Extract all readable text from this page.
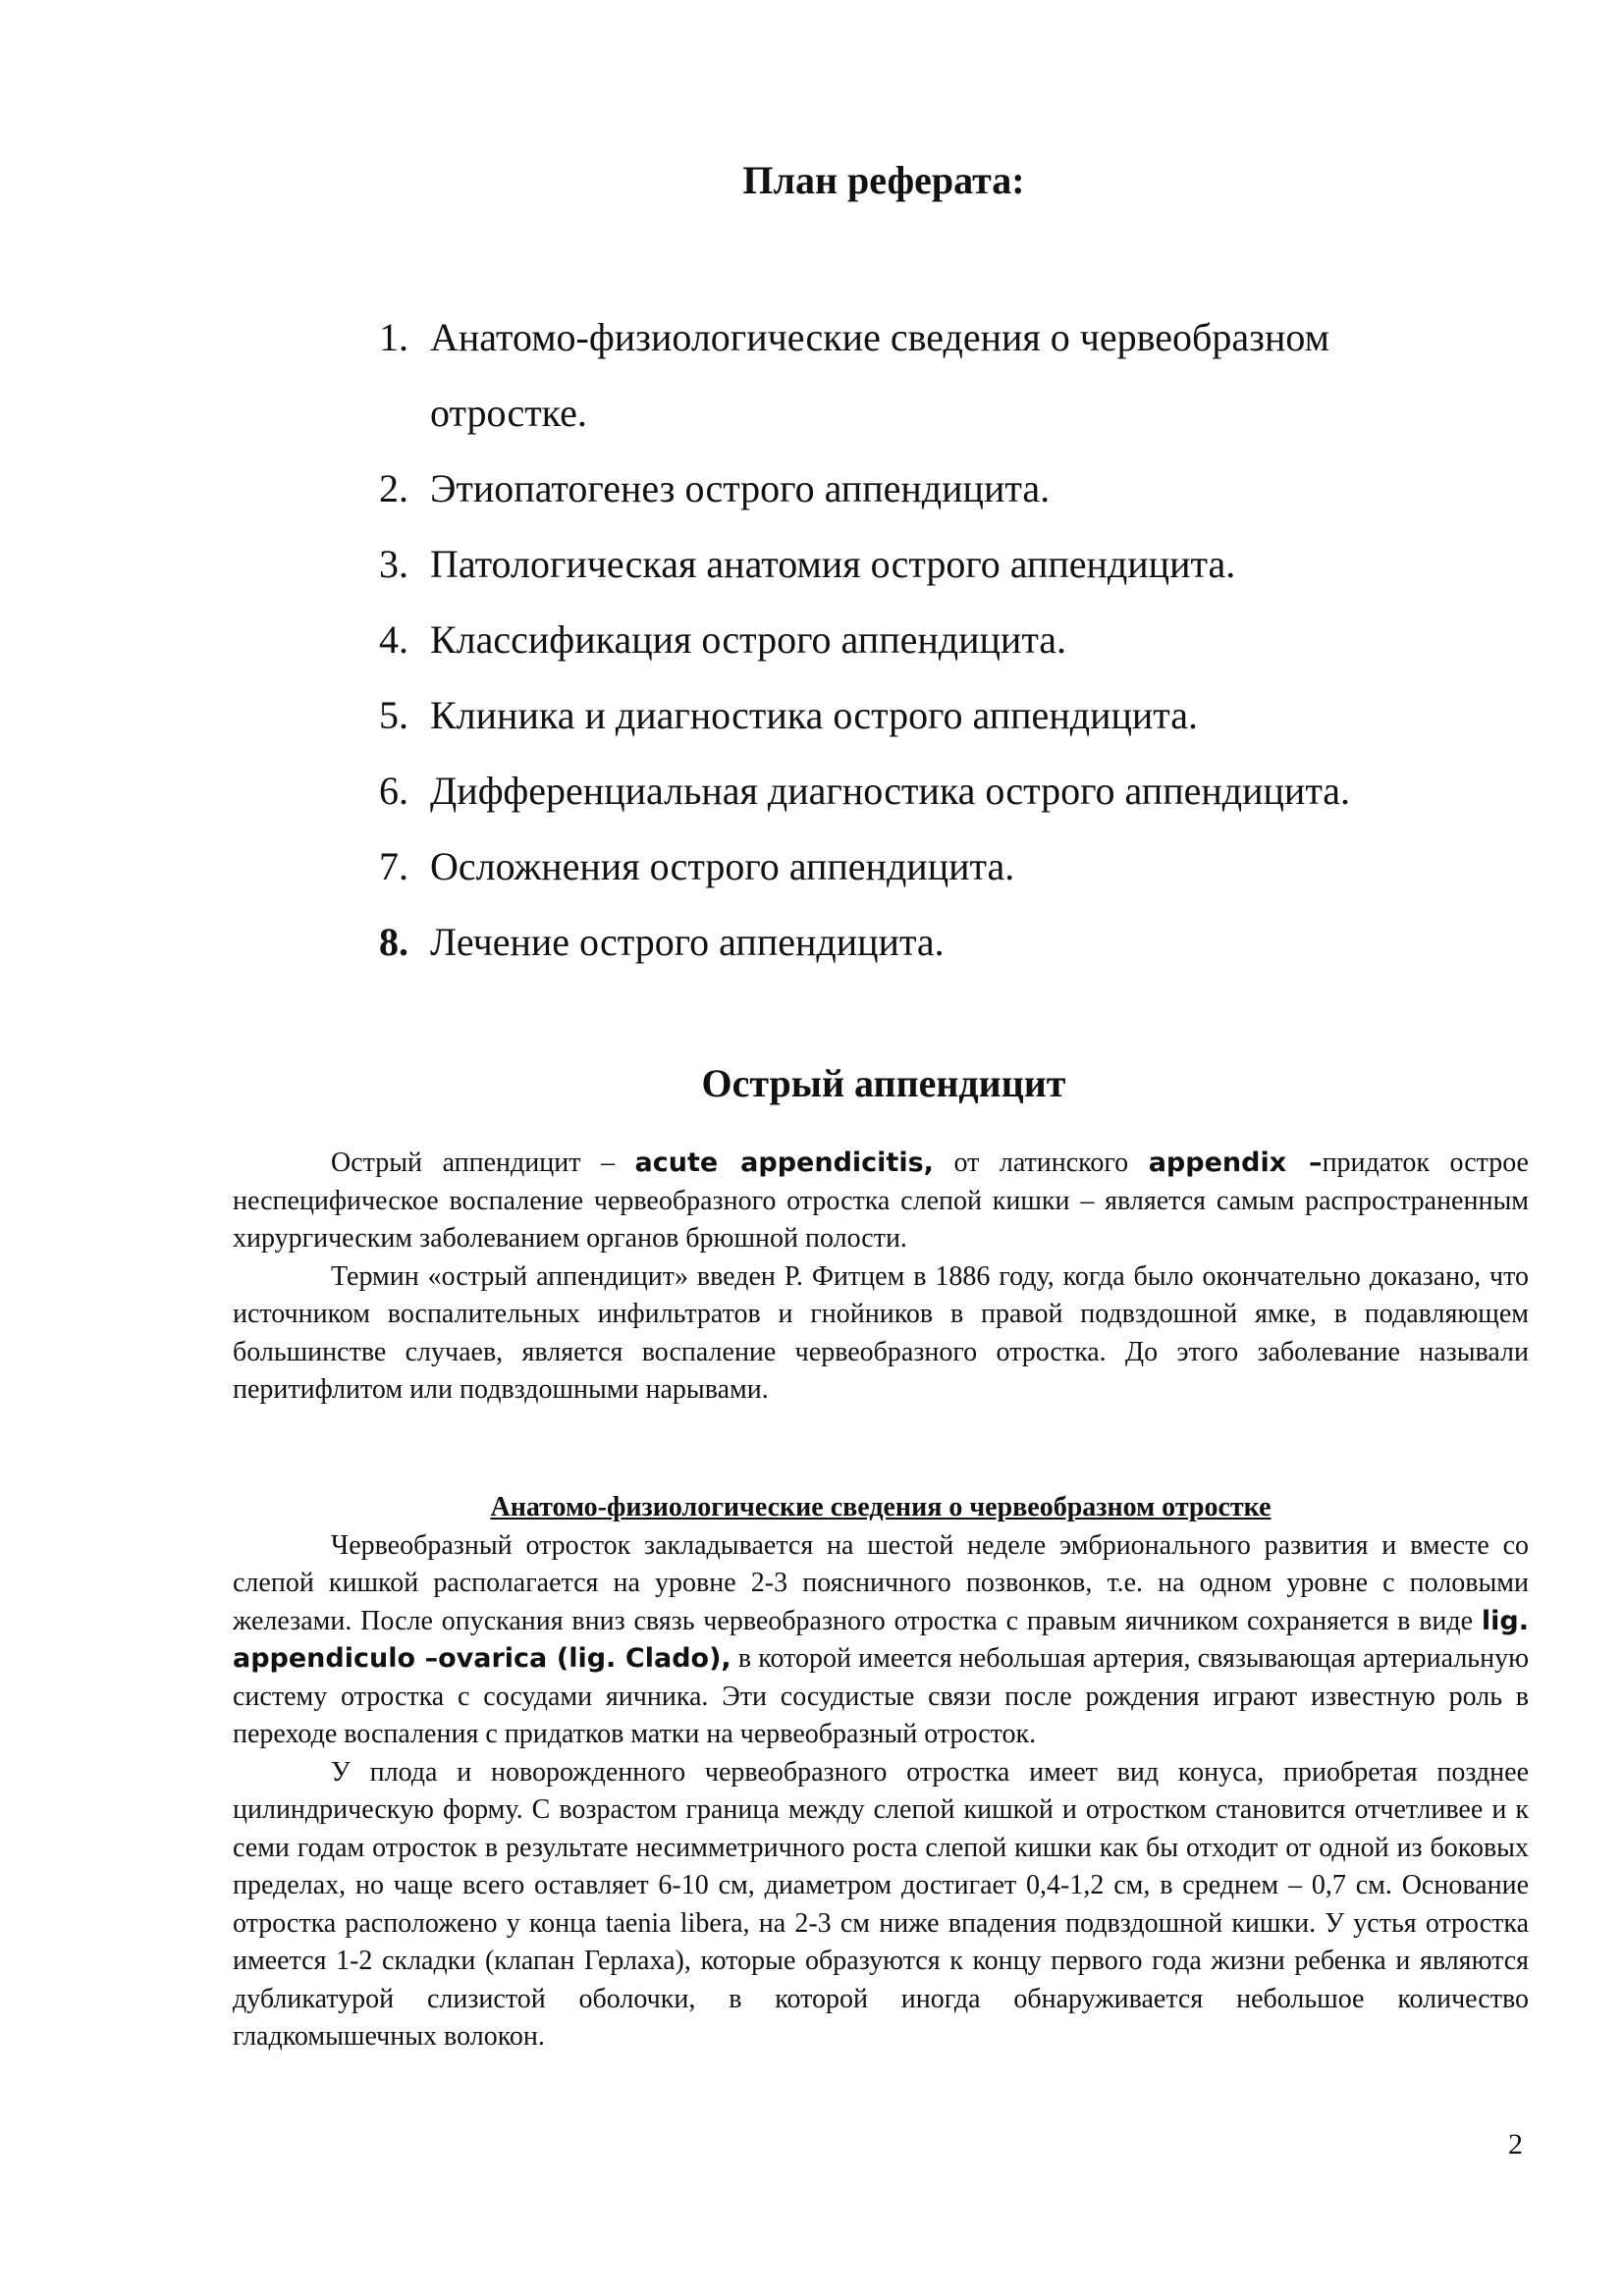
План реферата:
1. Анатомо-физиологические сведения о червеобразном
отростке.
2. Этиопатогенез острого аппендицита.
3. Патологическая анатомия острого аппендицита.
4. Классификация острого аппендицита.
5. Клиника и диагностика острого аппендицита.
6. Дифференциальная диагностика острого аппендицита.
7. Осложнения острого аппендицита.
8. Лечение острого аппендицита.
Острый аппендицит

Острый аппендицит – acute appendicitis, от латинского appendix –придаток острое неспецифическое воспаление червеобразного отростка слепой кишки – является самым распространенным хирургическим заболеванием органов брюшной полости.

Термин «острый аппендицит» введен Р. Фитцем в 1886 году, когда было окончательно доказано, что источником воспалительных инфильтратов и гнойников в правой подвздошной ямке, в подавляющем большинстве случаев, является воспаление червеобразного отростка. До этого заболевание называли перитифлитом или подвздошными нарывами.

Анатомо-физиологические сведения о червеобразном отростке

Червеобразный отросток закладывается на шестой неделе эмбрионального развития и вместе со слепой кишкой располагается на уровне 2-3 поясничного позвонков, т.е. на одном уровне с половыми железами. После опускания вниз связь червеобразного отростка с правым яичником сохраняется в виде lig. appendiculo –ovarica (lig. Clado), в которой имеется небольшая артерия, связывающая артериальную систему отростка с сосудами яичника. Эти сосудистые связи после рождения играют известную роль в переходе воспаления с придатков матки на червеобразный отросток.

У плода и новорожденного червеобразного отростка имеет вид конуса, приобретая позднее цилиндрическую форму. С возрастом граница между слепой кишкой и отростком становится отчетливее и к семи годам отросток в результате несимметричного роста слепой кишки как бы отходит от одной из боковых пределах, но чаще всего оставляет 6-10 см, диаметром достигает 0,4-1,2 см, в среднем – 0,7 см. Основание отростка расположено у конца taenia libera, на 2-3 см ниже впадения подвздошной кишки. У устья отростка имеется 1-2 складки (клапан Герлаха), которые образуются к концу первого года жизни ребенка и являются дубликатурой слизистой оболочки, в которой иногда обнаруживается небольшое количество гладкомышечных волокон.

2
